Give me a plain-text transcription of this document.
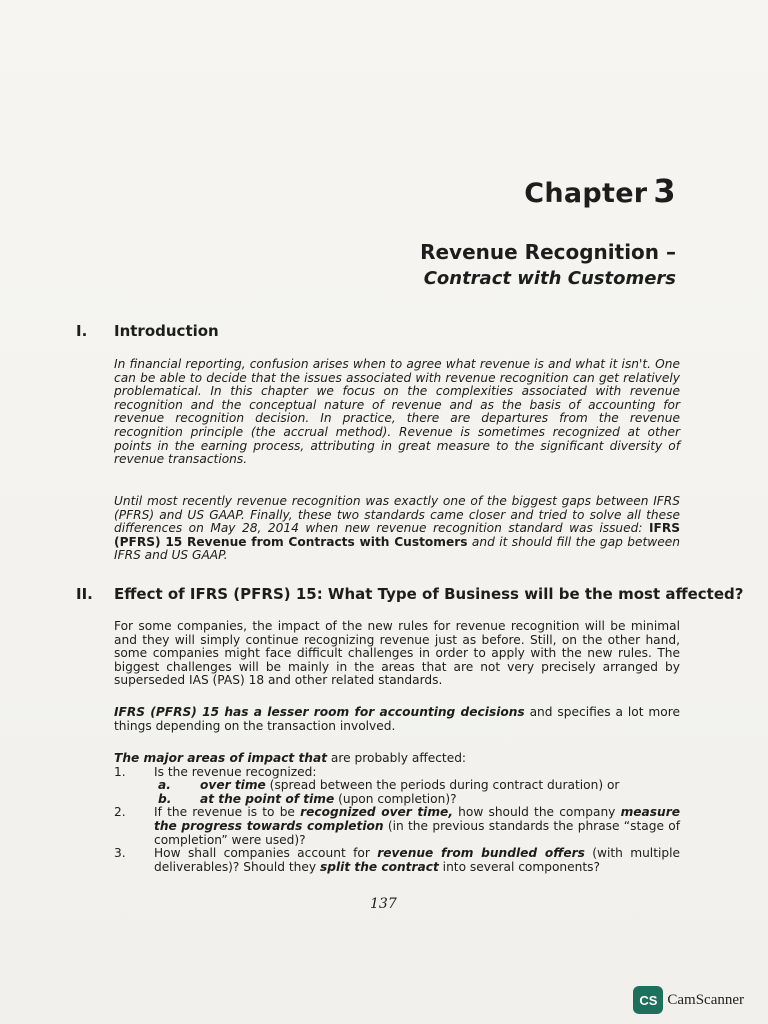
Chapter 3
Revenue Recognition –
Contract with Customers
I. Introduction
In financial reporting, confusion arises when to agree what revenue is and what it isn't. One can be able to decide that the issues associated with revenue recognition can get relatively problematical. In this chapter we focus on the complexities associated with revenue recognition and the conceptual nature of revenue and as the basis of accounting for revenue recognition decision. In practice, there are departures from the revenue recognition principle (the accrual method). Revenue is sometimes recognized at other points in the earning process, attributing in great measure to the significant diversity of revenue transactions.
Until most recently revenue recognition was exactly one of the biggest gaps between IFRS (PFRS) and US GAAP. Finally, these two standards came closer and tried to solve all these differences on May 28, 2014 when new revenue recognition standard was issued: IFRS (PFRS) 15 Revenue from Contracts with Customers and it should fill the gap between IFRS and US GAAP.
II. Effect of IFRS (PFRS) 15: What Type of Business will be the most affected?
For some companies, the impact of the new rules for revenue recognition will be minimal and they will simply continue recognizing revenue just as before. Still, on the other hand, some companies might face difficult challenges in order to apply with the new rules. The biggest challenges will be mainly in the areas that are not very precisely arranged by superseded IAS (PAS) 18 and other related standards.
IFRS (PFRS) 15 has a lesser room for accounting decisions and specifies a lot more things depending on the transaction involved.
The major areas of impact that are probably affected:
1.	Is the revenue recognized:
a.	over time (spread between the periods during contract duration) or
b.	at the point of time (upon completion)?
2.	If the revenue is to be recognized over time, how should the company measure the progress towards completion (in the previous standards the phrase “stage of completion” were used)?
3.	How shall companies account for revenue from bundled offers (with multiple deliverables)? Should they split the contract into several components?
137
CS CamScanner
